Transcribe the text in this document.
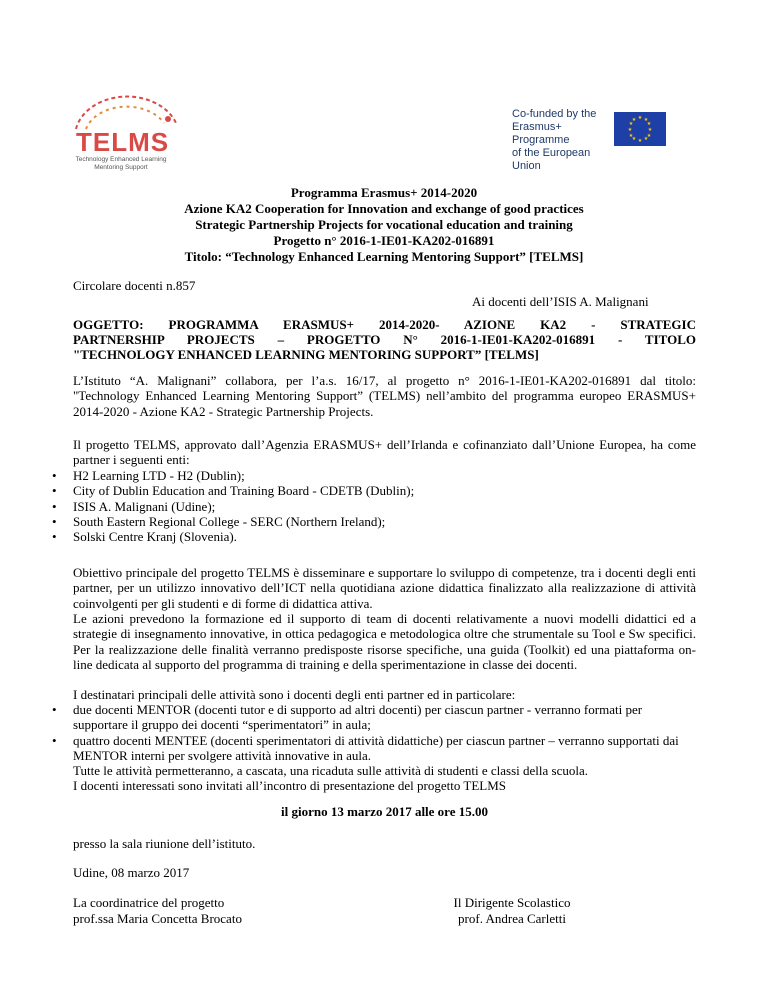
TELMS
Technology Enhanced Learning Mentoring Support
Co-funded by the
Erasmus+ Programme
of the European Union
★ ★
★
★
★
★
★
★
★
★
★
★
Programma Erasmus+ 2014-2020
Azione KA2 Cooperation for Innovation and exchange of good practices
Strategic Partnership Projects for vocational education and training
Progetto n° 2016-1-IE01-KA202-016891
Titolo: “Technology Enhanced Learning Mentoring Support” [TELMS]
Circolare docenti n.857
Ai docenti dell’ISIS A. Malignani
OGGETTO: PROGRAMMA ERASMUS+ 2014-2020- AZIONE KA2 - STRATEGIC
PARTNERSHIP PROJECTS – PROGETTO N° 2016-1-IE01-KA202-016891 - TITOLO
"TECHNOLOGY ENHANCED LEARNING MENTORING SUPPORT” [TELMS]
L’Istituto “A. Malignani” collabora, per l’a.s. 16/17, al progetto n° 2016-1-IE01-KA202-016891 dal titolo: "Technology Enhanced Learning Mentoring Support” (TELMS) nell’ambito del programma europeo ERASMUS+ 2014-2020 - Azione KA2 - Strategic Partnership Projects.
Il progetto TELMS, approvato dall’Agenzia ERASMUS+ dell’Irlanda e cofinanziato dall’Unione Europea, ha come partner i seguenti enti:
• H2 Learning LTD - H2 (Dublin);
• City of Dublin Education and Training Board - CDETB (Dublin);
• ISIS A. Malignani (Udine);
• South Eastern Regional College - SERC (Northern Ireland);
• Solski Centre Kranj (Slovenia).
Obiettivo principale del progetto TELMS è disseminare e supportare lo sviluppo di competenze, tra i docenti degli enti partner, per un utilizzo innovativo dell’ICT nella quotidiana azione didattica finalizzato alla realizzazione di attività coinvolgenti per gli studenti e di forme di didattica attiva.
Le azioni prevedono la formazione ed il supporto di team di docenti relativamente a nuovi modelli didattici ed a strategie di insegnamento innovative, in ottica pedagogica e metodologica oltre che strumentale su Tool e Sw specifici. Per la realizzazione delle finalità verranno predisposte risorse specifiche, una guida (Toolkit) ed una piattaforma on-line dedicata al supporto del programma di training e della sperimentazione in classe dei docenti.
I destinatari principali delle attività sono i docenti degli enti partner ed in particolare:
• due docenti MENTOR (docenti tutor e di supporto ad altri docenti) per ciascun partner - verranno formati per supportare il gruppo dei docenti “sperimentatori” in aula;
• quattro docenti MENTEE (docenti sperimentatori di attività didattiche) per ciascun partner – verranno supportati dai MENTOR interni per svolgere attività innovative in aula.
Tutte le attività permetteranno, a cascata, una ricaduta sulle attività di studenti e classi della scuola.
I docenti interessati sono invitati all’incontro di presentazione del progetto TELMS
il giorno 13 marzo 2017 alle ore 15.00
presso la sala riunione dell’istituto.
Udine, 08 marzo 2017
La coordinatrice del progetto
prof.ssa Maria Concetta Brocato
Il Dirigente Scolastico
prof. Andrea Carletti
